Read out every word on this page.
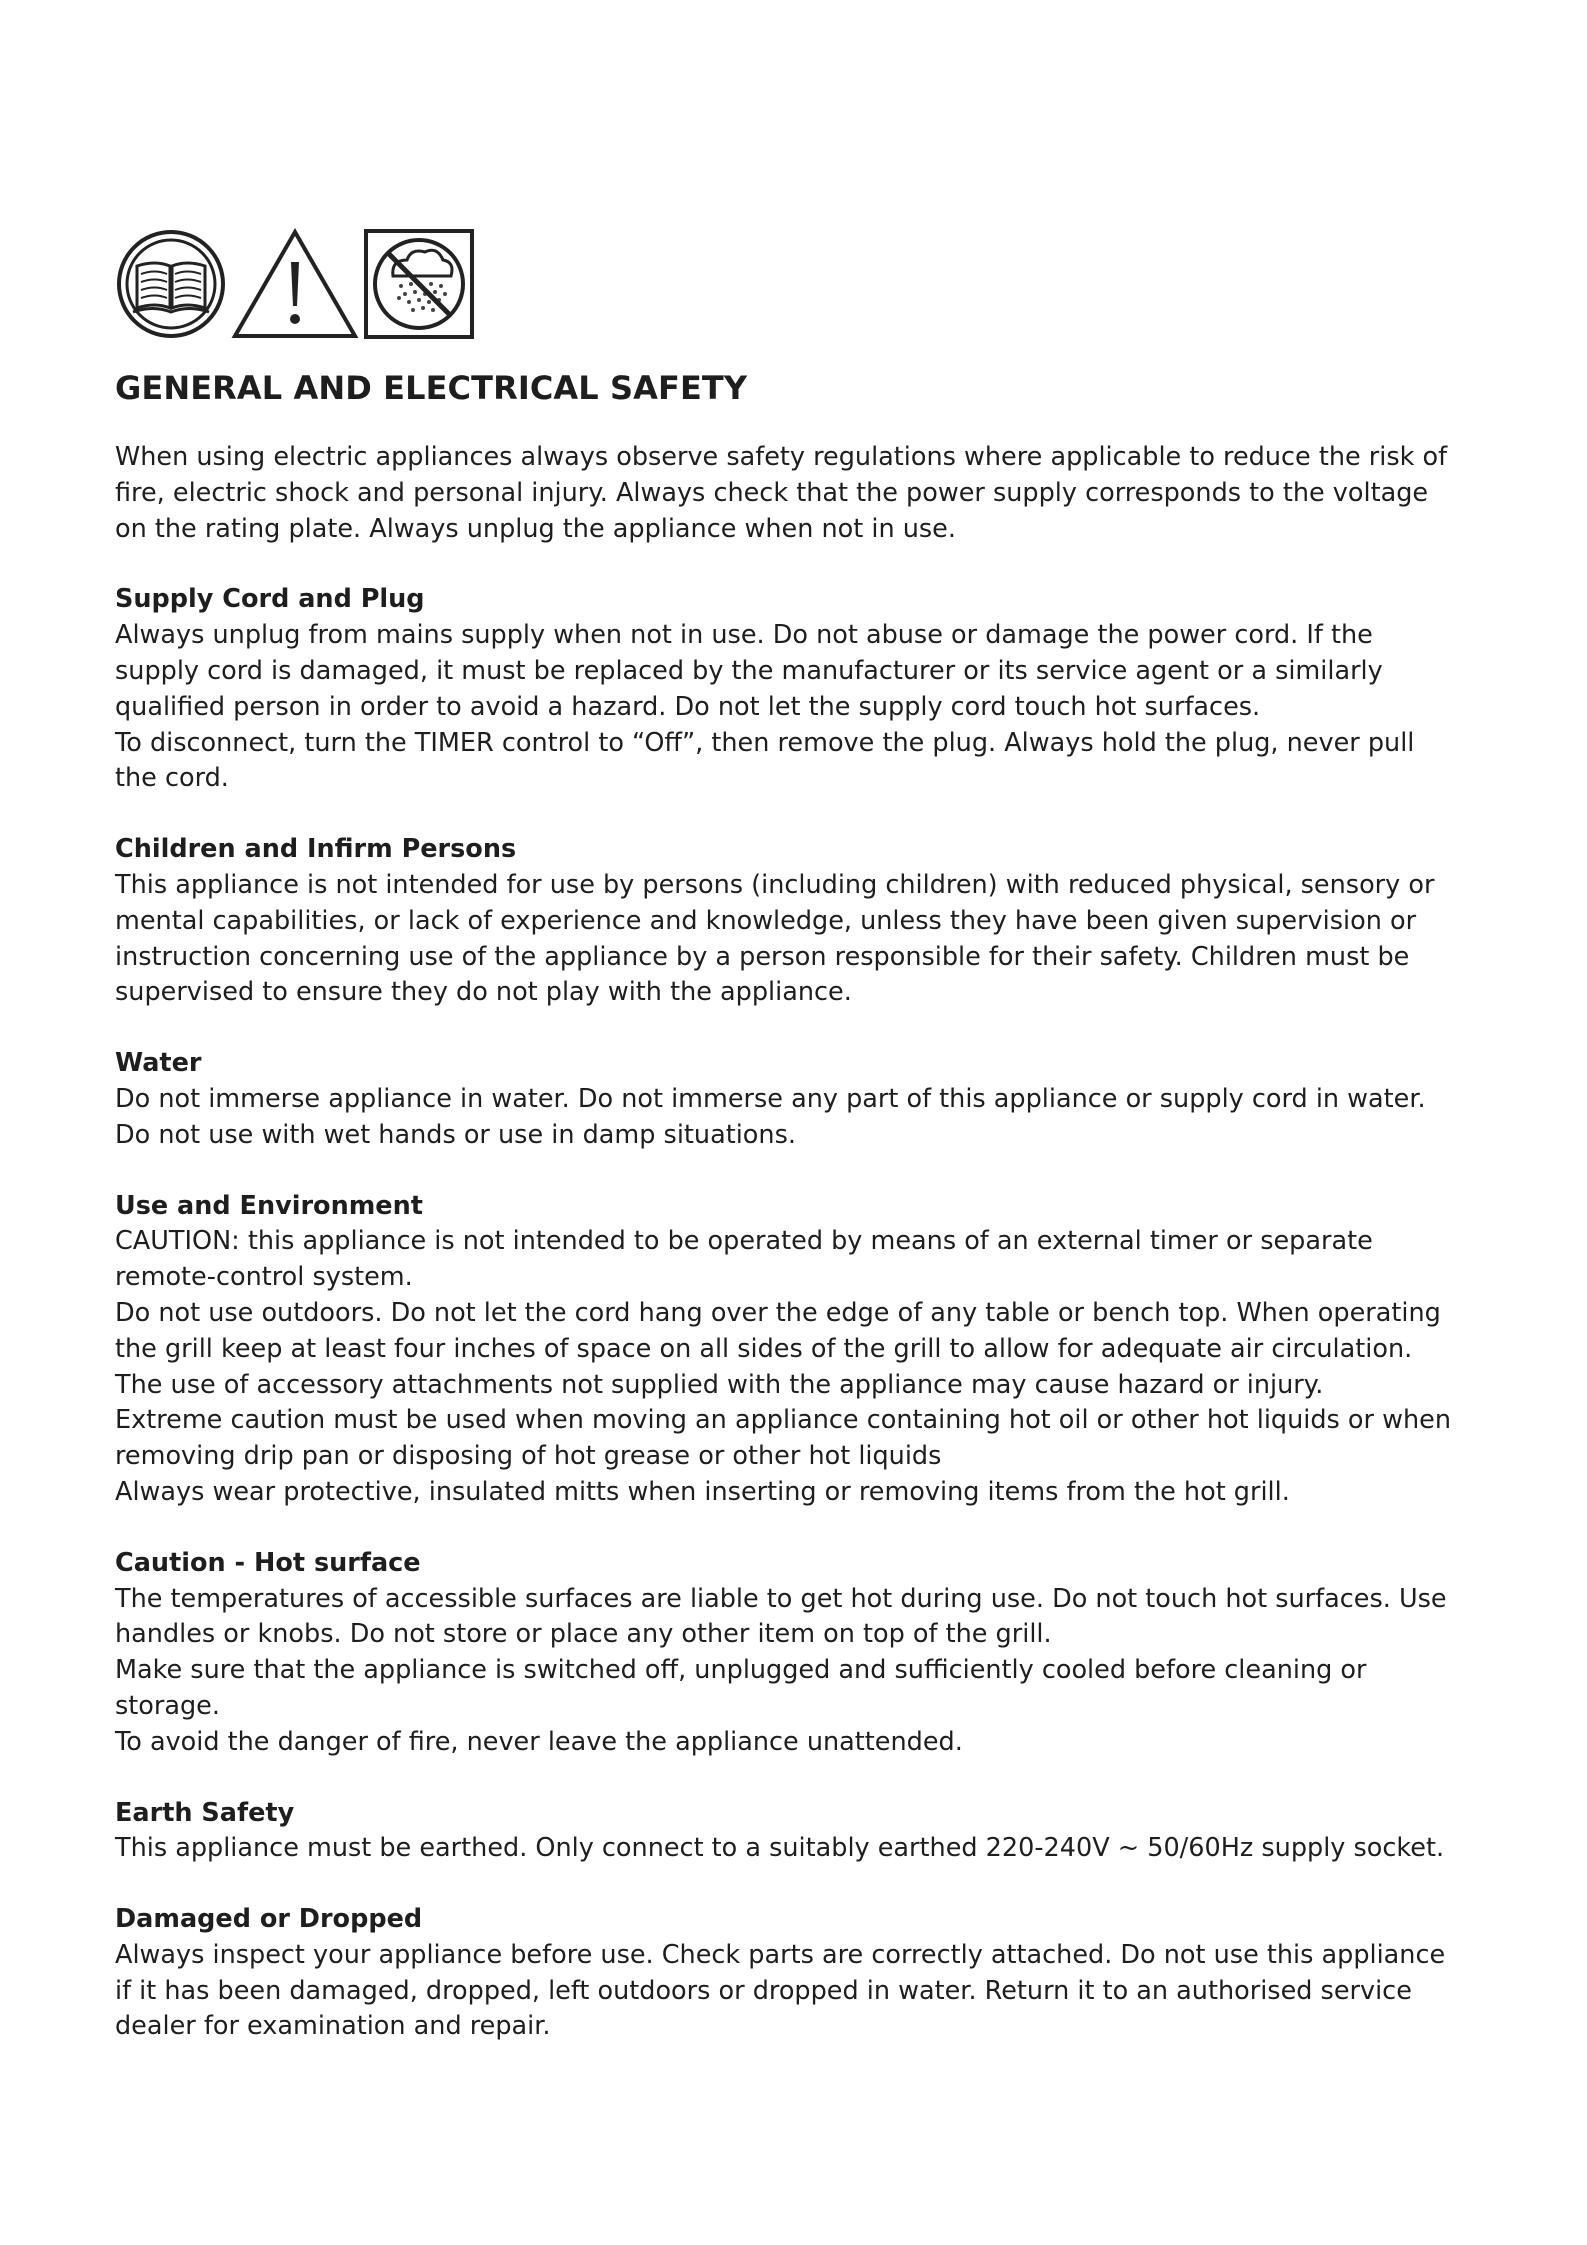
GENERAL AND ELECTRICAL SAFETY
When using electric appliances always observe safety regulations where applicable to reduce the risk of
fire, electric shock and personal injury. Always check that the power supply corresponds to the voltage
on the rating plate. Always unplug the appliance when not in use.
Supply Cord and Plug
Always unplug from mains supply when not in use. Do not abuse or damage the power cord. If the
supply cord is damaged, it must be replaced by the manufacturer or its service agent or a similarly
qualified person in order to avoid a hazard. Do not let the supply cord touch hot surfaces.
To disconnect, turn the TIMER control to “Off”, then remove the plug. Always hold the plug, never pull
the cord.
Children and Infirm Persons
This appliance is not intended for use by persons (including children) with reduced physical, sensory or
mental capabilities, or lack of experience and knowledge, unless they have been given supervision or
instruction concerning use of the appliance by a person responsible for their safety. Children must be
supervised to ensure they do not play with the appliance.
Water
Do not immerse appliance in water. Do not immerse any part of this appliance or supply cord in water.
Do not use with wet hands or use in damp situations.
Use and Environment
CAUTION: this appliance is not intended to be operated by means of an external timer or separate
remote-control system.
Do not use outdoors. Do not let the cord hang over the edge of any table or bench top. When operating
the grill keep at least four inches of space on all sides of the grill to allow for adequate air circulation.
The use of accessory attachments not supplied with the appliance may cause hazard or injury.
Extreme caution must be used when moving an appliance containing hot oil or other hot liquids or when
removing drip pan or disposing of hot grease or other hot liquids
Always wear protective, insulated mitts when inserting or removing items from the hot grill.
Caution - Hot surface
The temperatures of accessible surfaces are liable to get hot during use. Do not touch hot surfaces. Use
handles or knobs. Do not store or place any other item on top of the grill.
Make sure that the appliance is switched off, unplugged and sufficiently cooled before cleaning or
storage.
To avoid the danger of fire, never leave the appliance unattended.
Earth Safety
This appliance must be earthed. Only connect to a suitably earthed 220-240V ~ 50/60Hz supply socket.
Damaged or Dropped
Always inspect your appliance before use. Check parts are correctly attached. Do not use this appliance
if it has been damaged, dropped, left outdoors or dropped in water. Return it to an authorised service
dealer for examination and repair.
